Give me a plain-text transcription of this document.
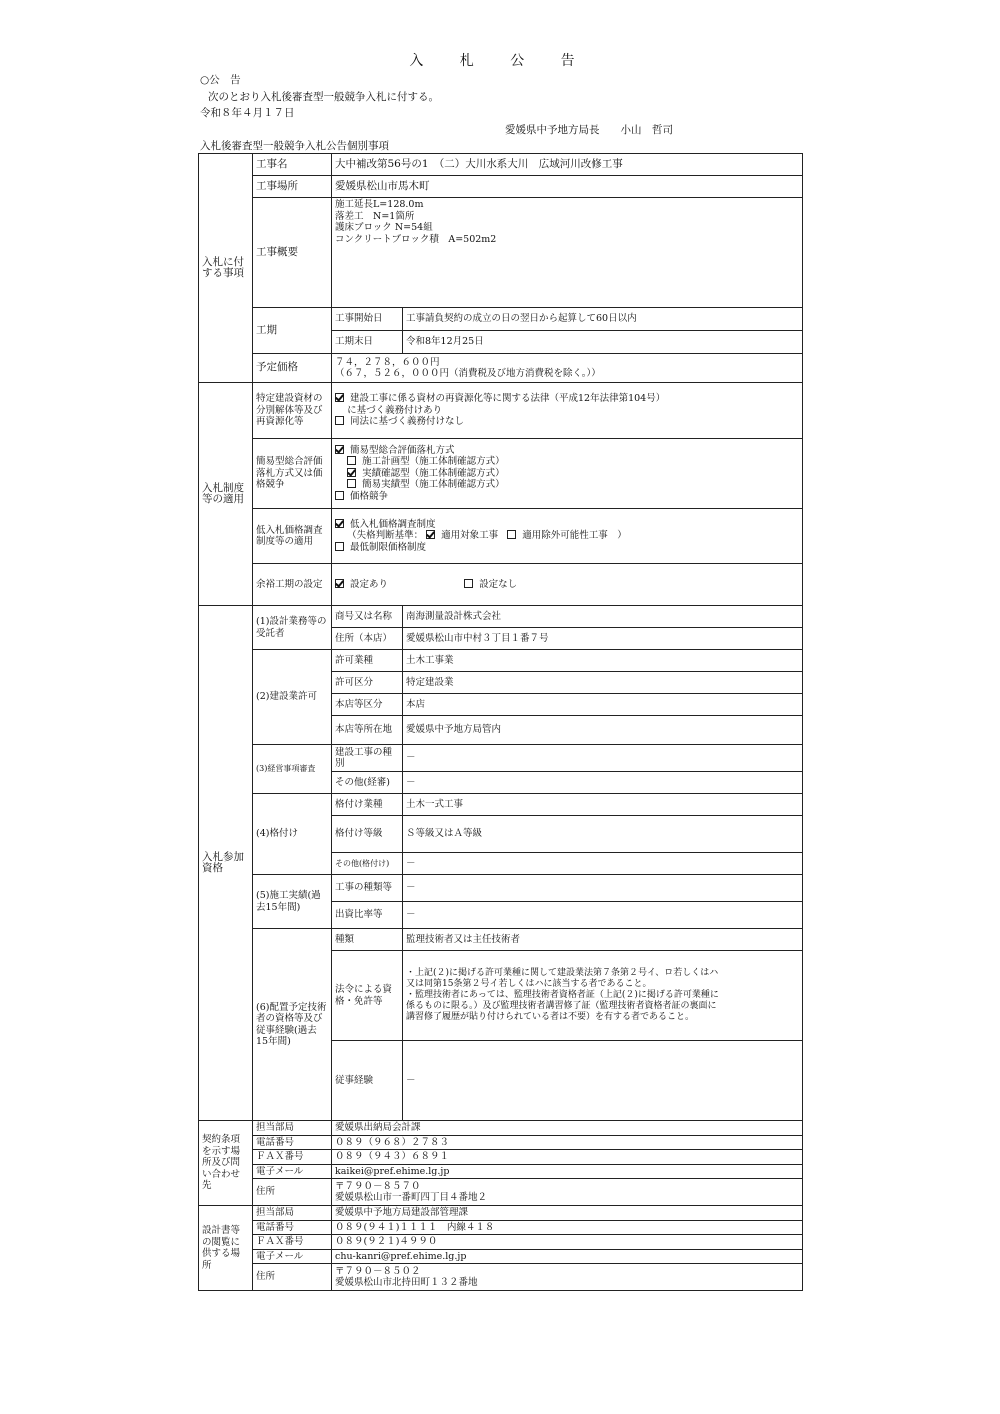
入 札 公 告
○公　告
次のとおり入札後審査型一般競争入札に付する。
令和８年４月１７日
愛媛県中予地方局長　　小山　哲司
入札後審査型一般競争入札公告個別事項
入札に付する事項	工事名	大中補改第56号の1　（二）大川水系大川　広域河川改修工事	
	工事場所	愛媛県松山市馬木町	
	工事概要	施工延長L=128.0m
落差工　N=1箇所
護床ブロック N=54組
コンクリートブロック積　A=502m2	

	工期	工事開始日	工事請負契約の成立の日の翌日から起算して60日以内
		工期末日	令和8年12月25日
	予定価格	７４，２７８，６００円
（６７，５２６，０００円（消費税及び地方消費税を除く。））	

入札制度等の適用	特定建設資材の分別解体等及び再資源化等	建設工事に係る資材の再資源化等に関する法律（平成12年法律第104号）
に基づく義務付けあり
同法に基づく義務付けなし	

	簡易型総合評価落札方式又は価格競争	簡易型総合評価落札方式
施工計画型（施工体制確認方式）
実績確認型（施工体制確認方式）
簡易実績型（施工体制確認方式）
価格競争	

	低入札価格調査制度等の適用	低入札価格調査制度
（失格判断基準： 適用対象工事 適用除外可能性工事　）
最低制限価格制度	

	余裕工期の設定	設定あり 設定なし	
入札参加資格	(1)設計業務等の受託者	商号又は名称	南海測量設計株式会社
		住所（本店）	愛媛県松山市中村３丁目１番７号
	(2)建設業許可	許可業種	土木工事業
		許可区分	特定建設業
		本店等区分	本店
		本店等所在地	愛媛県中予地方局管内
	(3)経営事項審査	建設工事の種別	－
		その他(経審)	－
	(4)格付け	格付け業種	土木一式工事
		格付け等級	Ｓ等級又はＡ等級
		その他(格付け)	－
	(5)施工実績(過去15年間)	工事の種類等	－
		出資比率等	－
	(6)配置予定技術者の資格等及び従事経験(過去15年間)	種類	監理技術者又は主任技術者
		法令による資格・免許等	・上記(２)に掲げる許可業種に関して建設業法第７条第２号イ、ロ若しくはハ
又は同第15条第２号イ若しくはハに該当する者であること。
・監理技術者にあっては、監理技術者資格者証（上記(２)に掲げる許可業種に
係るものに限る。）及び監理技術者講習修了証（監理技術者資格者証の裏面に
講習修了履歴が貼り付けられている者は不要）を有する者であること。

		従事経験	－

契約条項を示す場所及び問い合わせ先	担当部局	愛媛県出納局会計課	
	電話番号	０８９（９６８）２７８３	
	ＦＡＸ番号	０８９（９４３）６８９１	
	電子メール	kaikei@pref.ehime.lg.jp	
	住所	〒７９０－８５７０
愛媛県松山市一番町四丁目４番地２	

設計書等の閲覧に供する場所	担当部局	愛媛県中予地方局建設部管理課	
	電話番号	０８９(９４１)１１１１　内線４１８	
	ＦＡＸ番号	０８９(９２１)４９９０	
	電子メール	chu-kanri@pref.ehime.lg.jp	
	住所	〒７９０－８５０２
愛媛県松山市北持田町１３２番地	
